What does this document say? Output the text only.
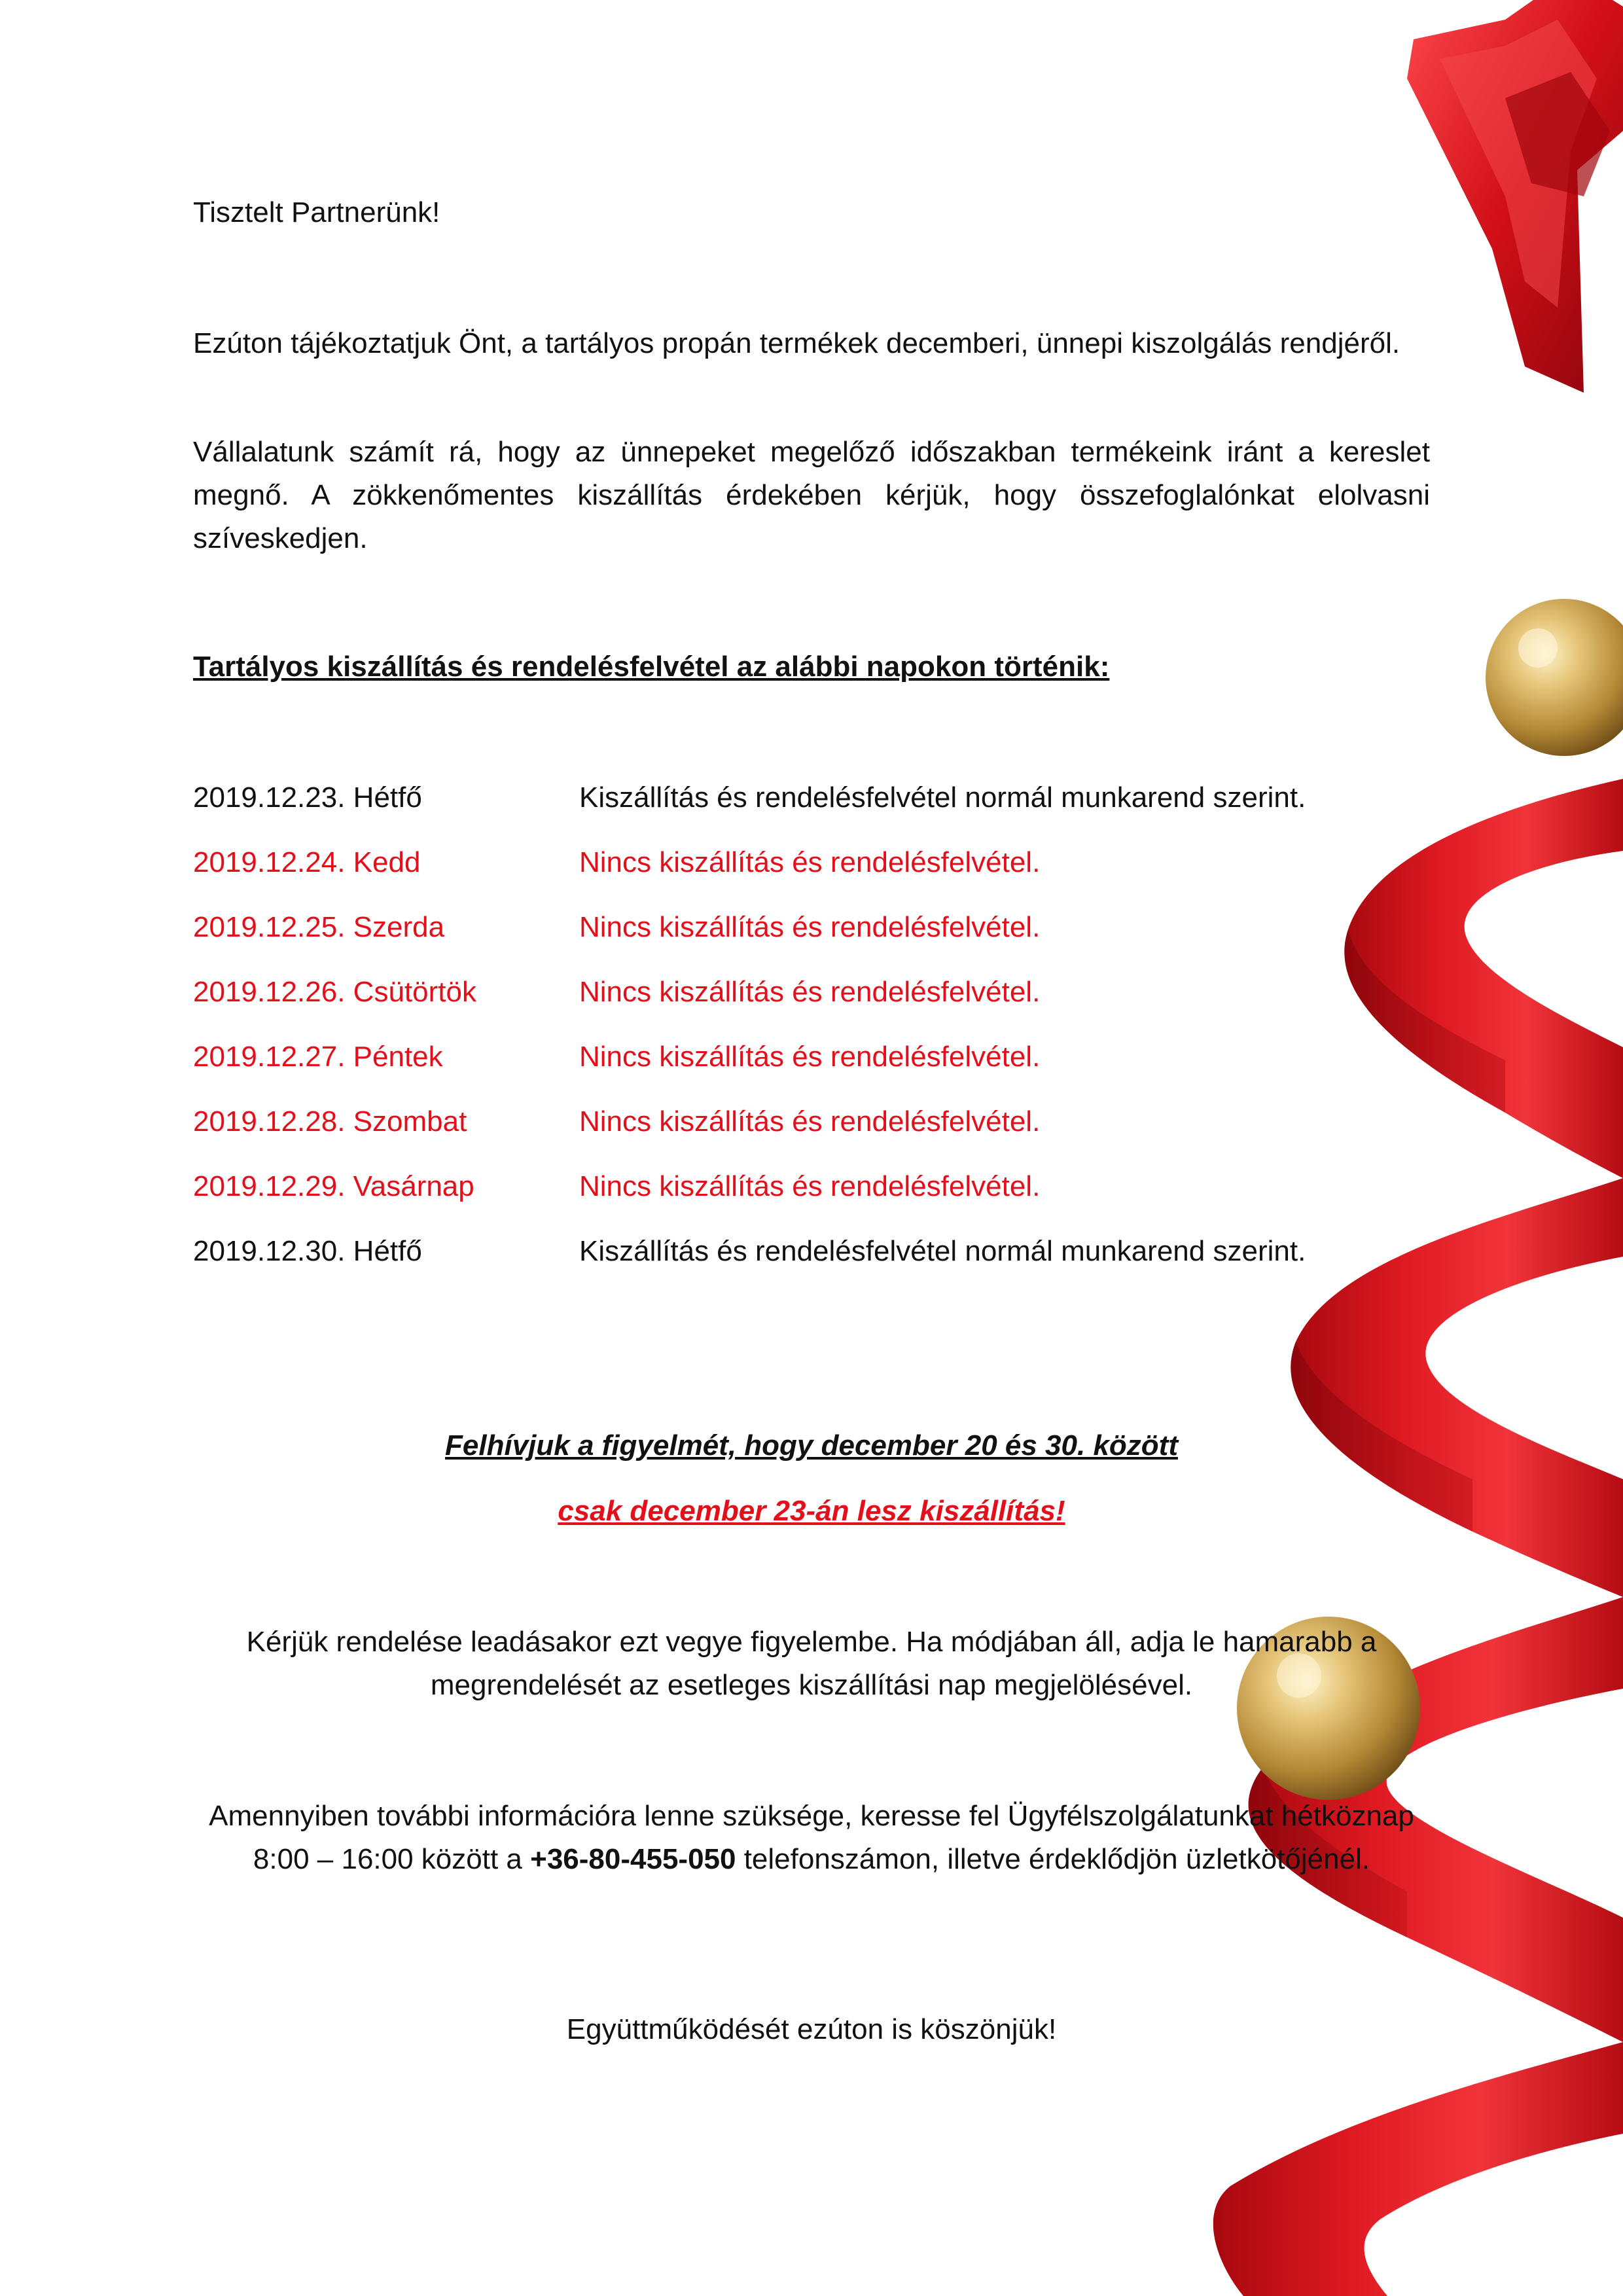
Tisztelt Partnerünk!

Ezúton tájékoztatjuk Önt, a tartályos propán termékek decemberi, ünnepi kiszolgálás rendjéről.

Vállalatunk számít rá, hogy az ünnepeket megelőző időszakban termékeink iránt a kereslet megnő. A zökkenőmentes kiszállítás érdekében kérjük, hogy összefoglalónkat elolvasni szíveskedjen.

Tartályos kiszállítás és rendelésfelvétel az alábbi napokon történik:

2019.12.23. Hétfő	Kiszállítás és rendelésfelvétel normál munkarend szerint.
2019.12.24. Kedd	Nincs kiszállítás és rendelésfelvétel.
2019.12.25. Szerda	Nincs kiszállítás és rendelésfelvétel.
2019.12.26. Csütörtök	Nincs kiszállítás és rendelésfelvétel.
2019.12.27. Péntek	Nincs kiszállítás és rendelésfelvétel.
2019.12.28. Szombat	Nincs kiszállítás és rendelésfelvétel.
2019.12.29. Vasárnap	Nincs kiszállítás és rendelésfelvétel.
2019.12.30. Hétfő	Kiszállítás és rendelésfelvétel normál munkarend szerint.

Felhívjuk a figyelmét, hogy december 20 és 30. között

csak december 23-án lesz kiszállítás!

Kérjük rendelése leadásakor ezt vegye figyelembe. Ha módjában áll, adja le hamarabb a megrendelését az esetleges kiszállítási nap megjelölésével.

Amennyiben további információra lenne szüksége, keresse fel Ügyfélszolgálatunkat hétköznap 8:00 – 16:00 között a +36-80-455-050 telefonszámon, illetve érdeklődjön üzletkötőjénél.

Együttműködését ezúton is köszönjük!
